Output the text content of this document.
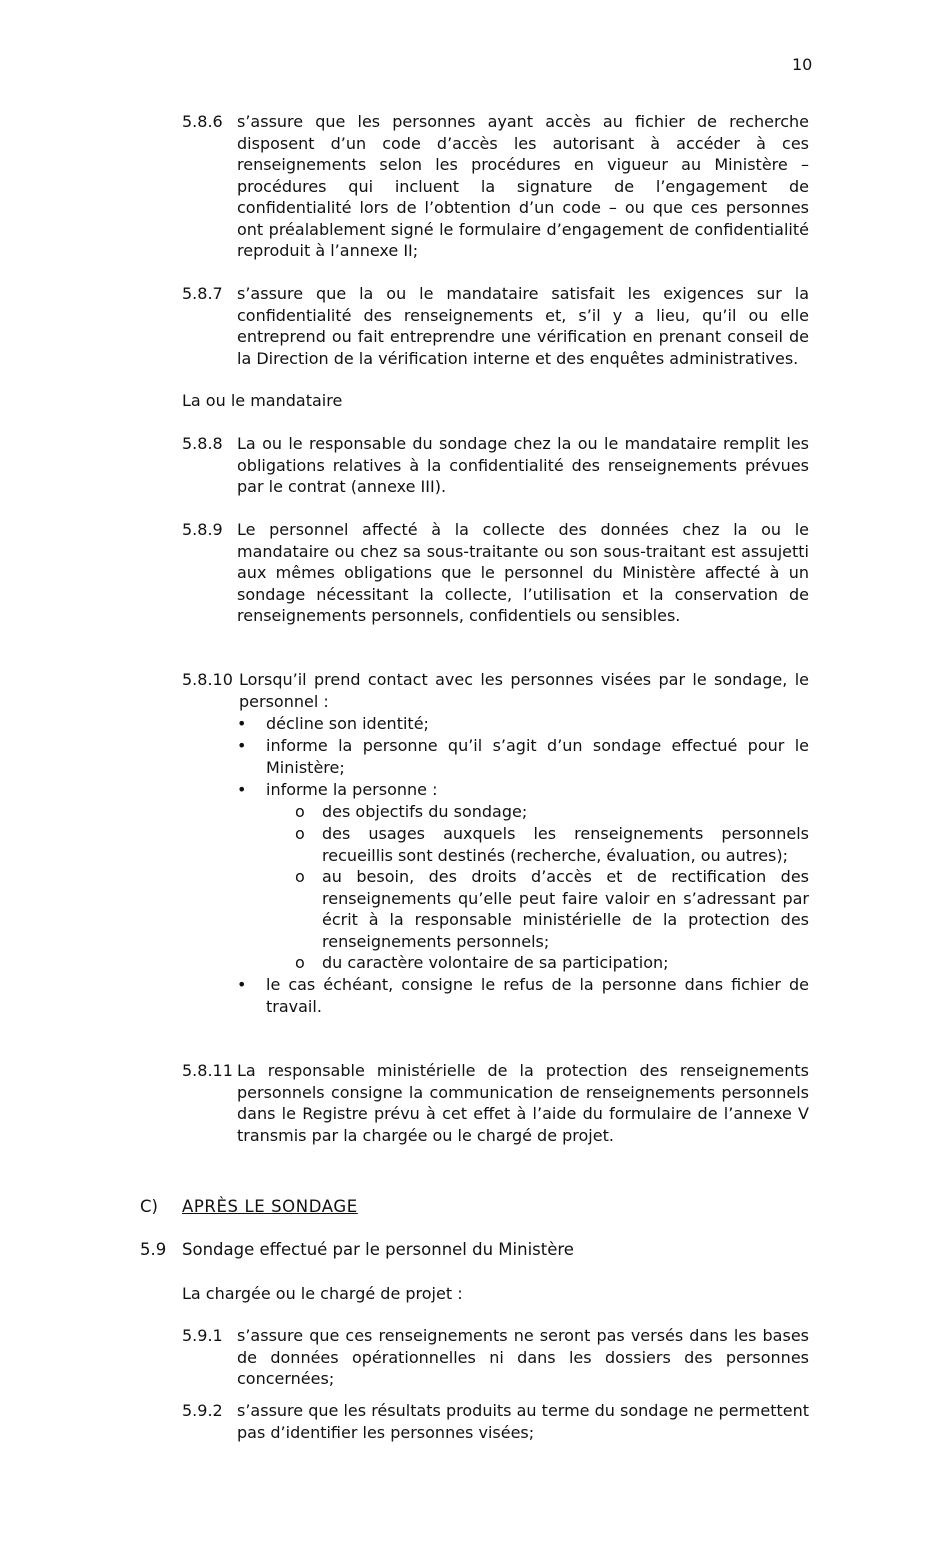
10
5.8.6 s’assure que les personnes ayant accès au fichier de recherche disposent d’un code d’accès les autorisant à accéder à ces renseignements selon les procédures en vigueur au Ministère – procédures qui incluent la signature de l’engagement de confidentialité lors de l’obtention d’un code – ou que ces personnes ont préalablement signé le formulaire d’engagement de confidentialité reproduit à l’annexe II;
5.8.7 s’assure que la ou le mandataire satisfait les exigences sur la confidentialité des renseignements et, s’il y a lieu, qu’il ou elle entreprend ou fait entreprendre une vérification en prenant conseil de la Direction de la vérification interne et des enquêtes administratives.
La ou le mandataire
5.8.8 La ou le responsable du sondage chez la ou le mandataire remplit les obligations relatives à la confidentialité des renseignements prévues par le contrat (annexe III).
5.8.9 Le personnel affecté à la collecte des données chez la ou le mandataire ou chez sa sous-traitante ou son sous-traitant est assujetti aux mêmes obligations que le personnel du Ministère affecté à un sondage nécessitant la collecte, l’utilisation et la conservation de renseignements personnels, confidentiels ou sensibles.
5.8.10 Lorsqu’il prend contact avec les personnes visées par le sondage, le personnel :
• décline son identité;
• informe la personne qu’il s’agit d’un sondage effectué pour le Ministère;
• informe la personne :
o des objectifs du sondage;
o des usages auxquels les renseignements personnels recueillis sont destinés (recherche, évaluation, ou autres);
o au besoin, des droits d’accès et de rectification des renseignements qu’elle peut faire valoir en s’adressant par écrit à la responsable ministérielle de la protection des renseignements personnels;
o du caractère volontaire de sa participation;
• le cas échéant, consigne le refus de la personne dans fichier de travail.
5.8.11 La responsable ministérielle de la protection des renseignements personnels consigne la communication de renseignements personnels dans le Registre prévu à cet effet à l’aide du formulaire de l’annexe V transmis par la chargée ou le chargé de projet.
C) APRÈS LE SONDAGE
5.9 Sondage effectué par le personnel du Ministère
La chargée ou le chargé de projet :
5.9.1 s’assure que ces renseignements ne seront pas versés dans les bases de données opérationnelles ni dans les dossiers des personnes concernées;
5.9.2 s’assure que les résultats produits au terme du sondage ne permettent pas d’identifier les personnes visées;
